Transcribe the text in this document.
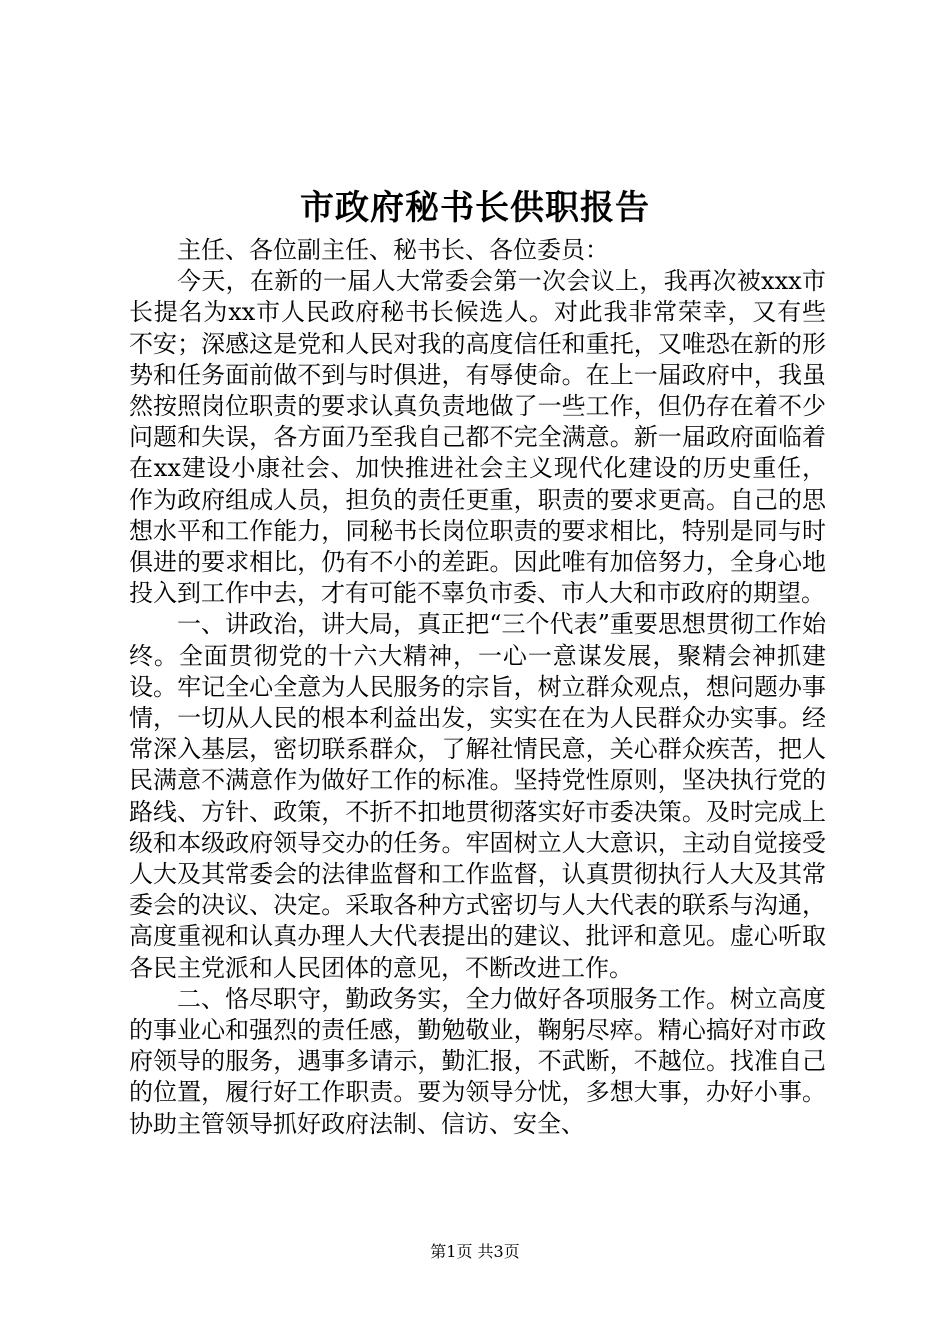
市政府秘书长供职报告

主任、各位副主任、秘书长、各位委员：

今天，在新的一届人大常委会第一次会议上，我再次被xxx市长提名为xx市人民政府秘书长候选人。对此我非常荣幸，又有些不安；深感这是党和人民对我的高度信任和重托，又唯恐在新的形势和任务面前做不到与时俱进，有辱使命。在上一届政府中，我虽然按照岗位职责的要求认真负责地做了一些工作，但仍存在着不少问题和失误，各方面乃至我自己都不完全满意。新一届政府面临着在xx建设小康社会、加快推进社会主义现代化建设的历史重任，作为政府组成人员，担负的责任更重，职责的要求更高。自己的思想水平和工作能力，同秘书长岗位职责的要求相比，特别是同与时俱进的要求相比，仍有不小的差距。因此唯有加倍努力，全身心地投入到工作中去，才有可能不辜负市委、市人大和市政府的期望。

一、讲政治，讲大局，真正把“三个代表”重要思想贯彻工作始终。全面贯彻党的十六大精神，一心一意谋发展，聚精会神抓建设。牢记全心全意为人民服务的宗旨，树立群众观点，想问题办事情，一切从人民的根本利益出发，实实在在为人民群众办实事。经常深入基层，密切联系群众，了解社情民意，关心群众疾苦，把人民满意不满意作为做好工作的标准。坚持党性原则，坚决执行党的路线、方针、政策，不折不扣地贯彻落实好市委决策。及时完成上级和本级政府领导交办的任务。牢固树立人大意识，主动自觉接受人大及其常委会的法律监督和工作监督，认真贯彻执行人大及其常委会的决议、决定。采取各种方式密切与人大代表的联系与沟通，高度重视和认真办理人大代表提出的建议、批评和意见。虚心听取各民主党派和人民团体的意见，不断改进工作。

二、恪尽职守，勤政务实，全力做好各项服务工作。树立高度的事业心和强烈的责任感，勤勉敬业，鞠躬尽瘁。精心搞好对市政府领导的服务，遇事多请示，勤汇报，不武断，不越位。找准自己的位置，履行好工作职责。要为领导分忧，多想大事，办好小事。协助主管领导抓好政府法制、信访、安全、

第1页 共3页
